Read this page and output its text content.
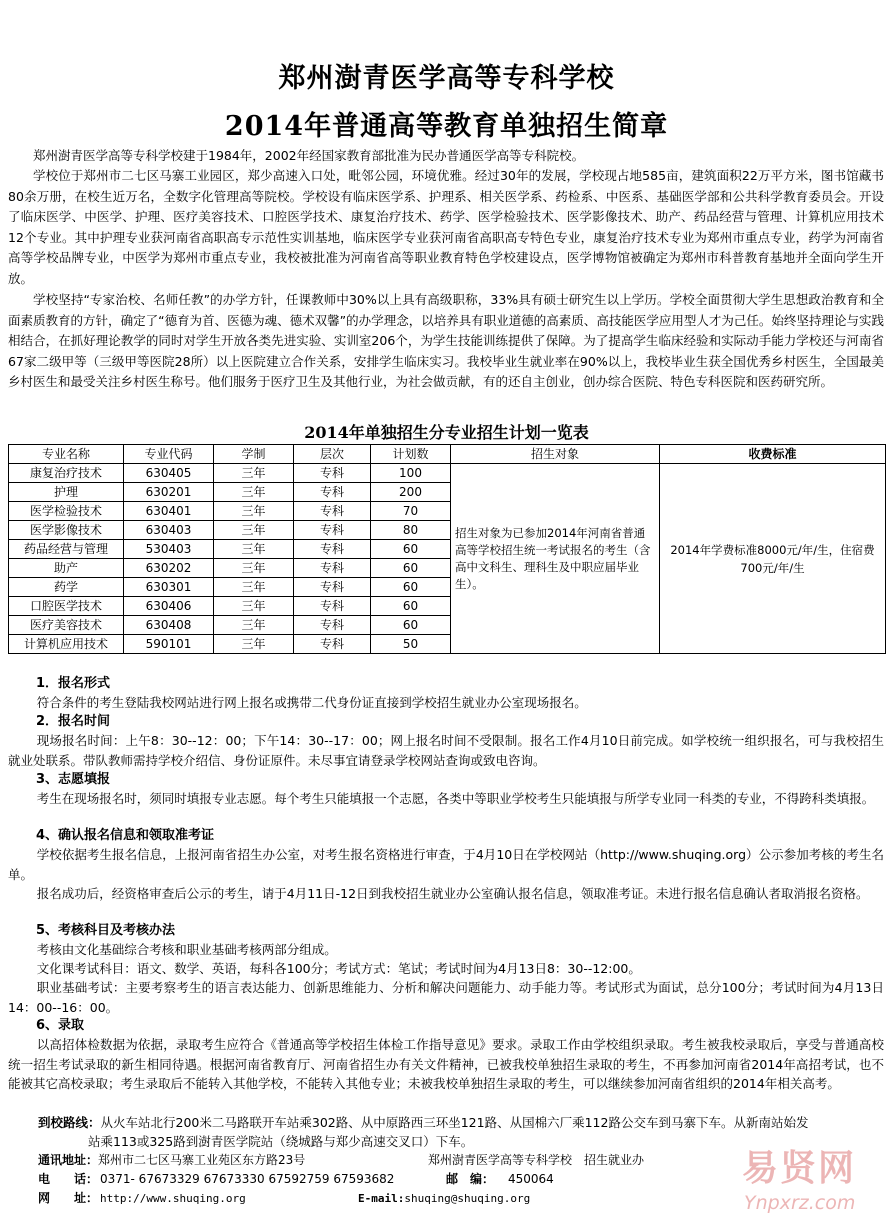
郑州澍青医学高等专科学校
2014年普通高等教育单独招生简章
郑州澍青医学高等专科学校建于1984年，2002年经国家教育部批准为民办普通医学高等专科院校。
学校位于郑州市二七区马寨工业园区，郑少高速入口处，毗邻公园，环境优雅。经过30年的发展，学校现占地585亩，建筑面积22万平方米，图书馆藏书80余万册，在校生近万名，全数字化管理高等院校。学校设有临床医学系、护理系、相关医学系、药检系、中医系、基础医学部和公共科学教育委员会。开设了临床医学、中医学、护理、医疗美容技术、口腔医学技术、康复治疗技术、药学、医学检验技术、医学影像技术、助产、药品经营与管理、计算机应用技术12个专业。其中护理专业获河南省高职高专示范性实训基地，临床医学专业获河南省高职高专特色专业，康复治疗技术专业为郑州市重点专业，药学为河南省高等学校品牌专业，中医学为郑州市重点专业，我校被批准为河南省高等职业教育特色学校建设点，医学博物馆被确定为郑州市科普教育基地并全面向学生开放。
学校坚持“专家治校、名师任教”的办学方针，任课教师中30%以上具有高级职称，33%具有硕士研究生以上学历。学校全面贯彻大学生思想政治教育和全面素质教育的方针，确定了“德育为首、医德为魂、德术双馨”的办学理念，以培养具有职业道德的高素质、高技能医学应用型人才为己任。始终坚持理论与实践相结合，在抓好理论教学的同时对学生开放各类先进实验、实训室206个，为学生技能训练提供了保障。为了提高学生临床经验和实际动手能力学校还与河南省67家二级甲等（三级甲等医院28所）以上医院建立合作关系，安排学生临床实习。我校毕业生就业率在90%以上，我校毕业生获全国优秀乡村医生，全国最美乡村医生和最受关注乡村医生称号。他们服务于医疗卫生及其他行业，为社会做贡献，有的还自主创业，创办综合医院、特色专科医院和医药研究所。
2014年单独招生分专业招生计划一览表
专业名称	专业代码	学制	层次	计划数	招生对象	收费标准
康复治疗技术	630405	三年	专科	100	招生对象为已参加2014年河南省普通高等学校招生统一考试报名的考生（含高中文科生、理科生及中职应届毕业生）。	2014年学费标准8000元/年/生，住宿费700元/年/生
护理	630201	三年	专科	200		
医学检验技术	630401	三年	专科	70		
医学影像技术	630403	三年	专科	80		
药品经营与管理	530403	三年	专科	60		
助产	630202	三年	专科	60		
药学	630301	三年	专科	60		
口腔医学技术	630406	三年	专科	60		
医疗美容技术	630408	三年	专科	60		
计算机应用技术	590101	三年	专科	50		
1．报名形式
符合条件的考生登陆我校网站进行网上报名或携带二代身份证直接到学校招生就业办公室现场报名。
2．报名时间
现场报名时间：上午8：30--12：00；下午14：30--17：00；网上报名时间不受限制。报名工作4月10日前完成。如学校统一组织报名，可与我校招生就业处联系。带队教师需持学校介绍信、身份证原件。未尽事宜请登录学校网站查询或致电咨询。
3、志愿填报
考生在现场报名时，须同时填报专业志愿。每个考生只能填报一个志愿，各类中等职业学校考生只能填报与所学专业同一科类的专业，不得跨科类填报。
4、确认报名信息和领取准考证
学校依据考生报名信息，上报河南省招生办公室，对考生报名资格进行审查，于4月10日在学校网站（http://www.shuqing.org）公示参加考核的考生名单。
报名成功后，经资格审查后公示的考生，请于4月11日-12日到我校招生就业办公室确认报名信息，领取准考证。未进行报名信息确认者取消报名资格。
5、考核科目及考核办法
考核由文化基础综合考核和职业基础考核两部分组成。
文化课考试科目：语文、数学、英语，每科各100分；考试方式：笔试；考试时间为4月13日8：30--12:00。
职业基础考试：主要考察考生的语言表达能力、创新思维能力、分析和解决问题能力、动手能力等。考试形式为面试，总分100分；考试时间为4月13日14：00--16：00。
6、录取
以高招体检数据为依据，录取考生应符合《普通高等学校招生体检工作指导意见》要求。录取工作由学校组织录取。考生被我校录取后，享受与普通高校统一招生考试录取的新生相同待遇。根据河南省教育厅、河南省招生办有关文件精神，已被我校单独招生录取的考生，不再参加河南省2014年高招考试，也不能被其它高校录取；考生录取后不能转入其他学校，不能转入其他专业；未被我校单独招生录取的考生，可以继续参加河南省组织的2014年相关高考。
到校路线：从火车站北行200米二马路联开车站乘302路、从中原路西三环坐121路、从国棉六厂乘112路公交车到马寨下车。从新南站始发
站乘113或325路到澍青医学院站（绕城路与郑少高速交叉口）下车。
通讯地址：郑州市二七区马寨工业苑区东方路23号	郑州澍青医学高等专科学校　招生就业办
电　　话： 0371- 67673329 67673330 67592759 67593682	邮　编： 450064
网　　址： http://www.shuqing.org	E-mail:shuqing@shuqing.org
易贤网
Ynpxrz.com
